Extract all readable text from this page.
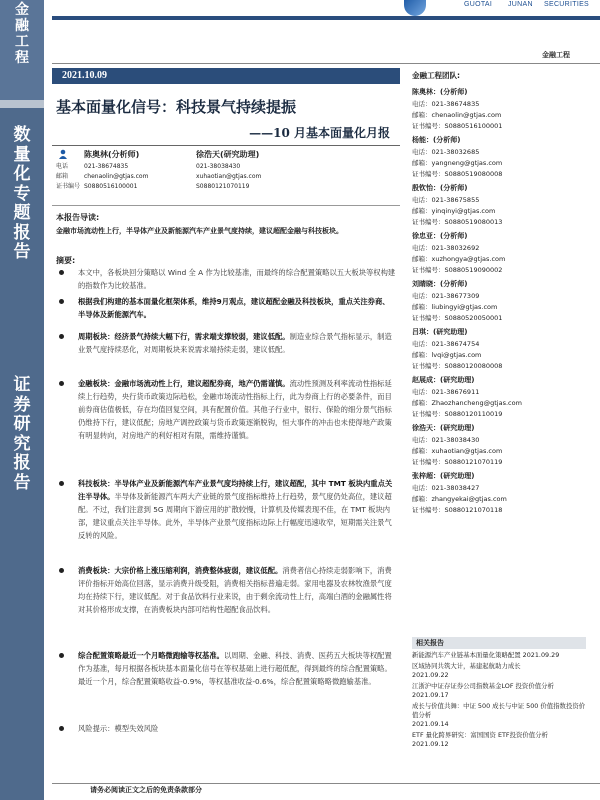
金
融
工
程
数
量
化
专
题
报
告
证
券
研
究
报
告
GUOTAI JUNAN SECURITIES
金融工程
2021.10.09
基本面量化信号：科技景气持续提振
——10 月基本面量化月报
陈奥林(分析师)
电话	021-38674835
邮箱	chenaolin@gtjas.com
证书编号 S0880516100001
徐浩天(研究助理)
021-38038430
xuhaotian@gtjas.com
S0880121070119
本报告导读:
金融市场流动性上行，半导体产业及新能源汽车产业景气度持续，建议超配金融与科技板块。
摘要:
本文中，各板块回分策略以 Wind 全 A 作为比较基准，而最终的综合配置策略以五大板块等权构建的指数作为比较基准。
根据我们构建的基本面量化框架体系，维持9月观点，建议超配金融及科技板块，重点关注券商、半导体及新能源汽车。
周期板块：经济景气持续大幅下行，需求端支撑较弱，建议低配。制造业综合景气指标显示，制造业景气度持续恶化，对周期板块来说需求端持续走弱，建议低配。
金融板块：金融市场流动性上行，建议超配券商，地产仍需谨慎。流动性预测及利率流动性指标延续上行趋势，央行货币政策边际趋松，金融市场流动性指标上行，此为券商上行的必要条件，而目前券商估值极低，存在均值回复空间，具有配置价值。其他子行业中，银行、保险的细分景气指标仍维持下行，建议低配；房地产调控政策与货币政策逐渐脱钩，恒大事件的冲击也未使得地产政策有明显转向，对房地产的利好相对有限，需维持谨慎。
科技板块：半导体产业及新能源汽车产业景气度均持续上行，建议超配，其中 TMT 板块内重点关注半导体。半导体及新能源汽车两大产业链的景气度指标维持上行趋势，景气度仍处高位，建议超配。不过，我们注意到 5G 周期向下游应用的扩散较慢，计算机及传媒表现不佳，在 TMT 板块内部，建议重点关注半导体。此外，半导体产业景气度指标边际上行幅度迅速收窄，短期需关注景气反转的风险。
消费板块：大宗价格上涨压缩利润，消费整体疲弱，建议低配。消费者信心持续走弱影响下，消费评价指标开始高位回落，显示消费升级受阻，消费相关指标普遍走弱。家用电器及农林牧渔景气度均在持续下行，建议低配。对于食品饮料行业来说，由于剩余流动性上行，高端白酒的金融属性将对其价格形成支撑，在消费板块内部可结构性超配食品饮料。
综合配置策略最近一个月略微跑输等权基准。以周期、金融、科技、消费、医药五大板块等权配置作为基准，每月根据各板块基本面量化信号在等权基础上进行超低配，得到最终的综合配置策略。最近一个月，综合配置策略收益-0.9%，等权基准收益-0.6%，综合配置策略略微跑输基准。
风险提示：模型失效风险
金融工程团队:
陈奥林：(分析师)
电话：021-38674835
邮箱：chenaolin@gtjas.com
证书编号：S0880516100001
杨能：(分析师)
电话：021-38032685
邮箱：yangneng@gtjas.com
证书编号：S0880519080008
殷钦怡：(分析师)
电话：021-38675855
邮箱：yinqinyi@gtjas.com
证书编号：S0880519080013
徐忠亚：(分析师)
电话：021-38032692
邮箱：xuzhongya@gtjas.com
证书编号：S0880519090002
刘睛晓：(分析师)
电话：021-38677309
邮箱：liubingyi@gtjas.com
证书编号：S0880520050001
吕琪：(研究助理)
电话：021-38674754
邮箱：lvqi@gtjas.com
证书编号：S0880120080008
赵展成：(研究助理)
电话：021-38676911
邮箱：Zhaozhancheng@gtjas.com
证书编号：S0880120110019
徐浩天：(研究助理)
电话：021-38038430
邮箱：xuhaotian@gtjas.com
证书编号：S0880121070119
张梓超：(研究助理)
电话：021-38038427
邮箱：zhangyekai@gtjas.com
证书编号：S0880121070118
相关报告
新能源汽车产业链基本面量化策略配置 2021.09.29
区域协同共筑大计，基建起航助力成长
2021.09.22
江浙沪中证存证券公司指数基金LOF 投资价值分析
2021.09.17
成长与价值共舞：中证 500 成长与中证 500 价值指数投资价值分析
2021.09.14
ETF 量化跨界研究：富国国资 ETF投资价值分析
2021.09.12
请务必阅读正文之后的免责条款部分
